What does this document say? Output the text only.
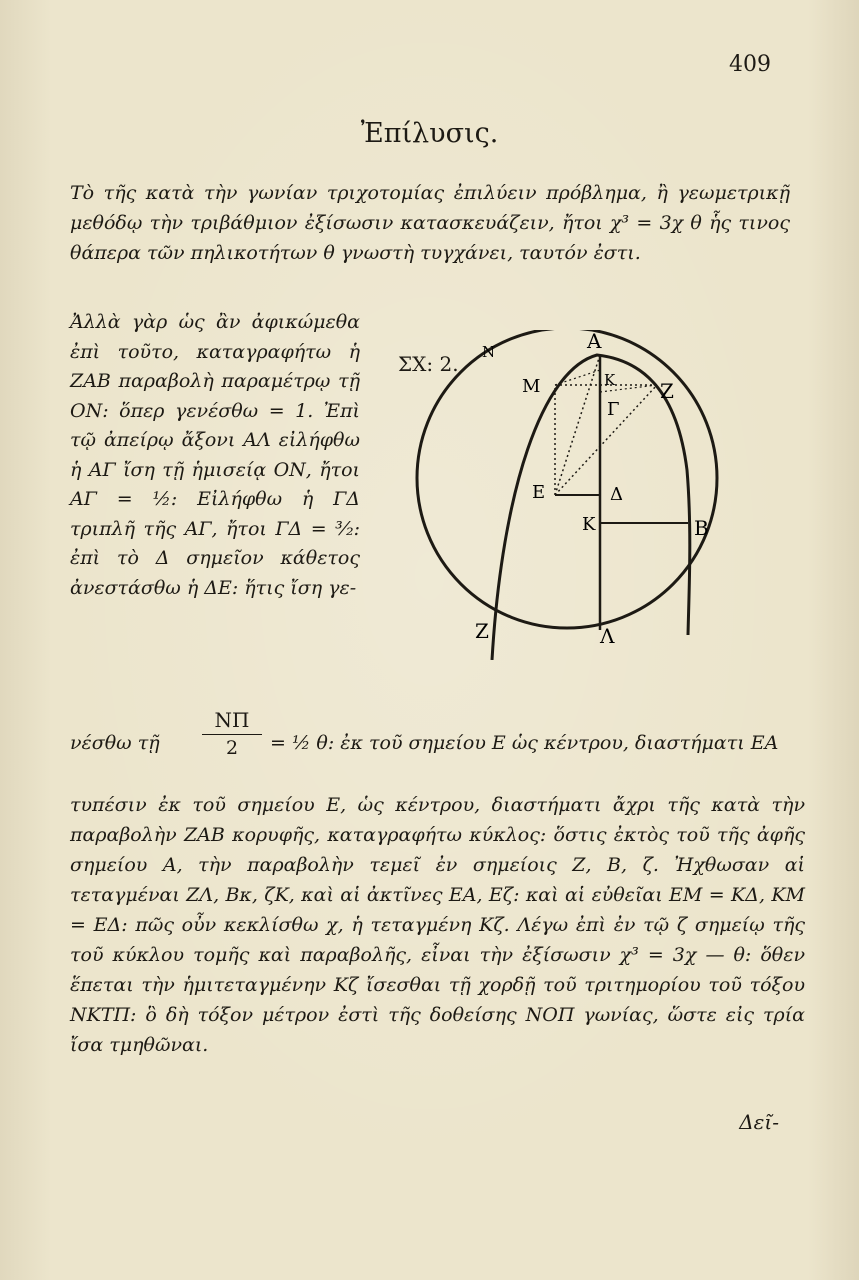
409
Ἐπίλυσις.
Τὸ τῆς κατὰ τὴν γωνίαν τριχοτομίας ἐπιλύειν πρόβλημα, ἢ γεωμετρικῇ μεθόδῳ τὴν τριβάθμιον ἐξίσωσιν κατασκευάζειν, ἤτοι χ³ = 3χ θ ἧς τινος θάπερα τῶν πηλικοτήτων θ γνωστὴ τυγχάνει, ταυτόν ἐστι.
Ἀλλὰ γὰρ ὡς ἂν ἀφικώμεθα ἐπὶ τοῦτο, καταγραφήτω ἡ ΖΑΒ παραβολὴ παραμέτρῳ τῇ ΟΝ: ὅπερ γενέσθω = 1. Ἐπὶ τῷ ἀπείρῳ ἄξονι ΑΛ εἰλήφθω ἡ ΑΓ ἴση τῇ ἡμισείᾳ ΟΝ, ἤτοι ΑΓ = ½: Εἰλήφθω ἡ ΓΔ τριπλῆ τῆς ΑΓ, ἤτοι ΓΔ = ³⁄₂: ἐπὶ τὸ Δ σημεῖον κάθετος ἀνεστάσθω ἡ ΔΕ: ἥτις ἴση γε-
N	A
K Z
M
Γ
E	Δ
K	B
Z	Λ
ΣΧ: 2.
νέσθω τῇ
ΝΠ
2	= ½ θ: ἐκ τοῦ σημείου Ε ὡς κέντρου, διαστήματι ΕΑ
τυπέσιν ἐκ τοῦ σημείου Ε, ὡς κέντρου, διαστήματι ἄχρι τῆς κατὰ τὴν παραβολὴν ΖΑΒ κορυφῆς, καταγραφήτω κύκλος: ὅστις ἐκτὸς τοῦ τῆς ἀφῆς σημείου Α, τὴν παραβολὴν τεμεῖ ἐν σημείοις Ζ, Β, ζ. Ἠχθωσαν αἱ τεταγμέναι ΖΛ, Βκ, ζΚ, καὶ αἱ ἀκτῖνες ΕΑ, Εζ: καὶ αἱ εὐθεῖαι ΕΜ = ΚΔ, ΚΜ = ΕΔ: πῶς οὖν κεκλίσθω χ, ἡ τεταγμένη Κζ. Λέγω ἐπὶ ἐν τῷ ζ σημείῳ τῆς τοῦ κύκλου τομῆς καὶ παραβολῆς, εἶναι τὴν ἐξίσωσιν χ³ = 3χ — θ: ὅθεν ἕπεται τὴν ἡμιτεταγμένην Κζ ἴσεσθαι τῇ χορδῇ τοῦ τριτημορίου τοῦ τόξου ΝΚΤΠ: ὃ δὴ τόξον μέτρον ἐστὶ τῆς δοθείσης ΝΟΠ γωνίας, ὥστε εἰς τρία ἴσα τμηθῶναι.
Δεῖ-
